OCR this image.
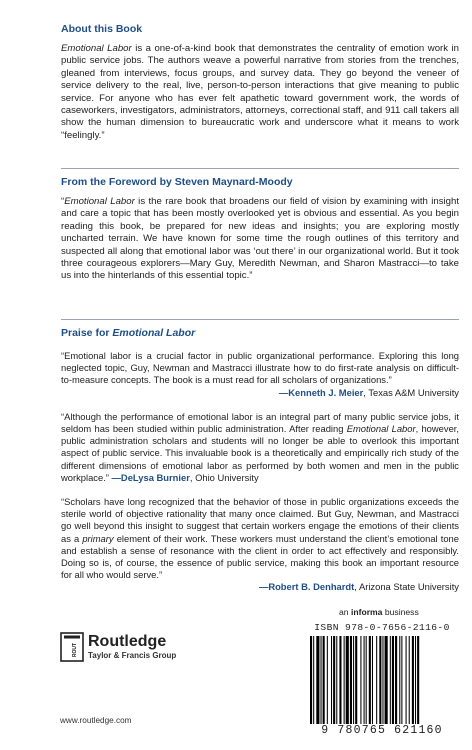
About this Book
Emotional Labor is a one-of-a-kind book that demonstrates the centrality of emotion work in public service jobs. The authors weave a powerful narrative from stories from the trenches, gleaned from interviews, focus groups, and survey data. They go beyond the veneer of service delivery to the real, live, person-to-person interactions that give meaning to public service. For anyone who has ever felt apathetic toward government work, the words of caseworkers, investigators, administrators, attorneys, correctional staff, and 911 call takers all show the human dimension to bureaucratic work and underscore what it means to work “feelingly.”
From the Foreword by Steven Maynard-Moody
“Emotional Labor is the rare book that broadens our field of vision by examining with insight and care a topic that has been mostly overlooked yet is obvious and essential. As you begin reading this book, be prepared for new ideas and insights; you are exploring mostly uncharted terrain. We have known for some time the rough outlines of this territory and suspected all along that emotional labor was ‘out there’ in our organizational world. But it took three courageous explorers—Mary Guy, Meredith Newman, and Sharon Mastracci—to take us into the hinterlands of this essential topic.”
Praise for Emotional Labor
“Emotional labor is a crucial factor in public organizational performance. Exploring this long neglected topic, Guy, Newman and Mastracci illustrate how to do first-rate analysis on difficult-to-measure concepts. The book is a must read for all scholars of organizations.”
—Kenneth J. Meier, Texas A&M University
“Although the performance of emotional labor is an integral part of many public service jobs, it seldom has been studied within public administration. After reading Emotional Labor, however, public administration scholars and students will no longer be able to overlook this important aspect of public service. This invaluable book is a theoretically and empirically rich study of the different dimensions of emotional labor as performed by both women and men in the public workplace.” —DeLysa Burnier, Ohio University
“Scholars have long recognized that the behavior of those in public organizations exceeds the sterile world of objective rationality that many once claimed. But Guy, Newman, and Mastracci go well beyond this insight to suggest that certain workers engage the emotions of their clients as a primary element of their work. These workers must understand the client’s emotional tone and establish a sense of resonance with the client in order to act effectively and responsibly. Doing so is, of course, the essence of public service, making this book an important resource for all who would serve.”
—Robert B. Denhardt, Arizona State University
an informa business
ROUT Routledge
Taylor & Francis Group
www.routledge.com
ISBN 978-0-7656-2116-0
9 780765 621160
